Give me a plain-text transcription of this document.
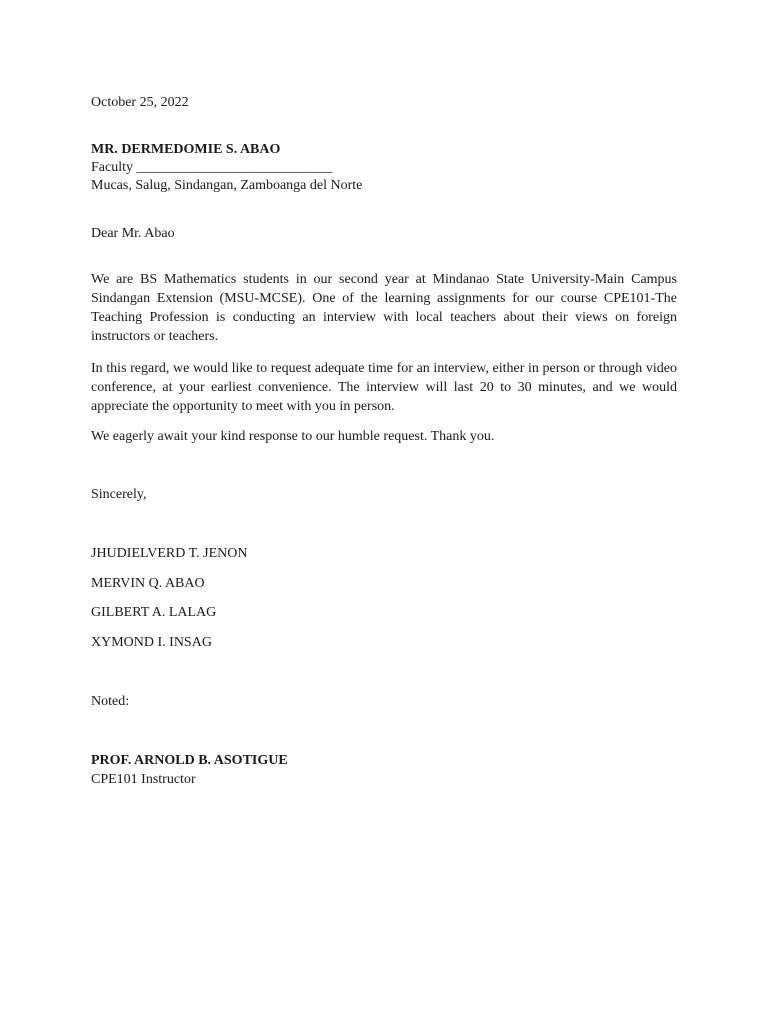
October 25, 2022
MR. DERMEDOMIE S. ABAO
Faculty ____________________________
Mucas, Salug, Sindangan, Zamboanga del Norte
Dear Mr. Abao
We are BS Mathematics students in our second year at Mindanao State University-Main Campus Sindangan Extension (MSU-MCSE). One of the learning assignments for our course CPE101-The Teaching Profession is conducting an interview with local teachers about their views on foreign instructors or teachers.
In this regard, we would like to request adequate time for an interview, either in person or through video conference, at your earliest convenience. The interview will last 20 to 30 minutes, and we would appreciate the opportunity to meet with you in person.
We eagerly await your kind response to our humble request. Thank you.
Sincerely,
JHUDIELVERD T. JENON
MERVIN Q. ABAO
GILBERT A. LALAG
XYMOND I. INSAG
Noted:
PROF. ARNOLD B. ASOTIGUE
CPE101 Instructor
